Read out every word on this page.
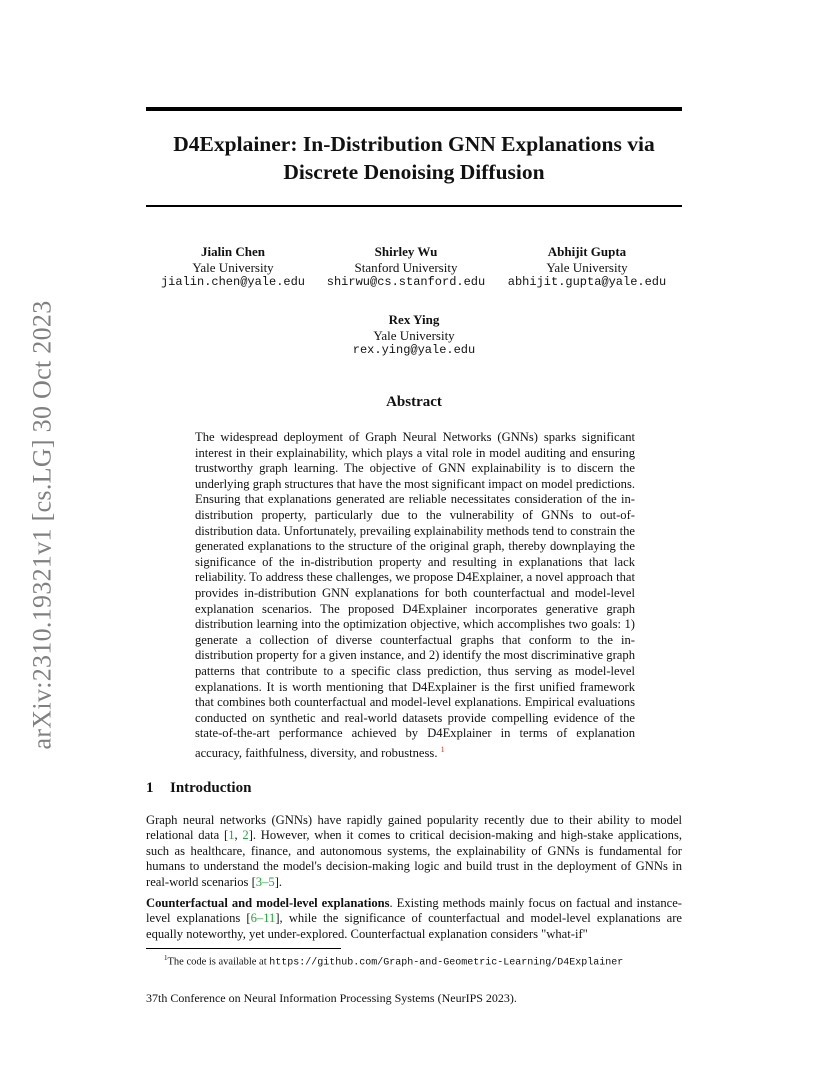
arXiv:2310.19321v1 [cs.LG] 30 Oct 2023
D4Explainer: In-Distribution GNN Explanations via
Discrete Denoising Diffusion
Jialin Chen
Yale University
jialin.chen@yale.edu
Shirley Wu
Stanford University
shirwu@cs.stanford.edu
Abhijit Gupta
Yale University
abhijit.gupta@yale.edu
Rex Ying
Yale University
rex.ying@yale.edu
Abstract

The widespread deployment of Graph Neural Networks (GNNs) sparks significant interest in their explainability, which plays a vital role in model auditing and ensuring trustworthy graph learning. The objective of GNN explainability is to discern the underlying graph structures that have the most significant impact on model predictions. Ensuring that explanations generated are reliable necessitates consideration of the in-distribution property, particularly due to the vulnerability of GNNs to out-of-distribution data. Unfortunately, prevailing explainability methods tend to constrain the generated explanations to the structure of the original graph, thereby downplaying the significance of the in-distribution property and resulting in explanations that lack reliability. To address these challenges, we propose D4Explainer, a novel approach that provides in-distribution GNN explanations for both counterfactual and model-level explanation scenarios. The proposed D4Explainer incorporates generative graph distribution learning into the optimization objective, which accomplishes two goals: 1) generate a collection of diverse counterfactual graphs that conform to the in-distribution property for a given instance, and 2) identify the most discriminative graph patterns that contribute to a specific class prediction, thus serving as model-level explanations. It is worth mentioning that D4Explainer is the first unified framework that combines both counterfactual and model-level explanations. Empirical evaluations conducted on synthetic and real-world datasets provide compelling evidence of the state-of-the-art performance achieved by D4Explainer in terms of explanation accuracy, faithfulness, diversity, and robustness. $^1$

1 Introduction

Graph neural networks (GNNs) have rapidly gained popularity recently due to their ability to model relational data [1, 2]. However, when it comes to critical decision-making and high-stake applications, such as healthcare, finance, and autonomous systems, the explainability of GNNs is fundamental for humans to understand the model's decision-making logic and build trust in the deployment of GNNs in real-world scenarios [3–5].

Counterfactual and model-level explanations. Existing methods mainly focus on factual and instance-level explanations [6–11], while the significance of counterfactual and model-level explanations are equally noteworthy, yet under-explored. Counterfactual explanation considers "what-if"

$^1$The code is available at https://github.com/Graph-and-Geometric-Learning/D4Explainer

37th Conference on Neural Information Processing Systems (NeurIPS 2023).
